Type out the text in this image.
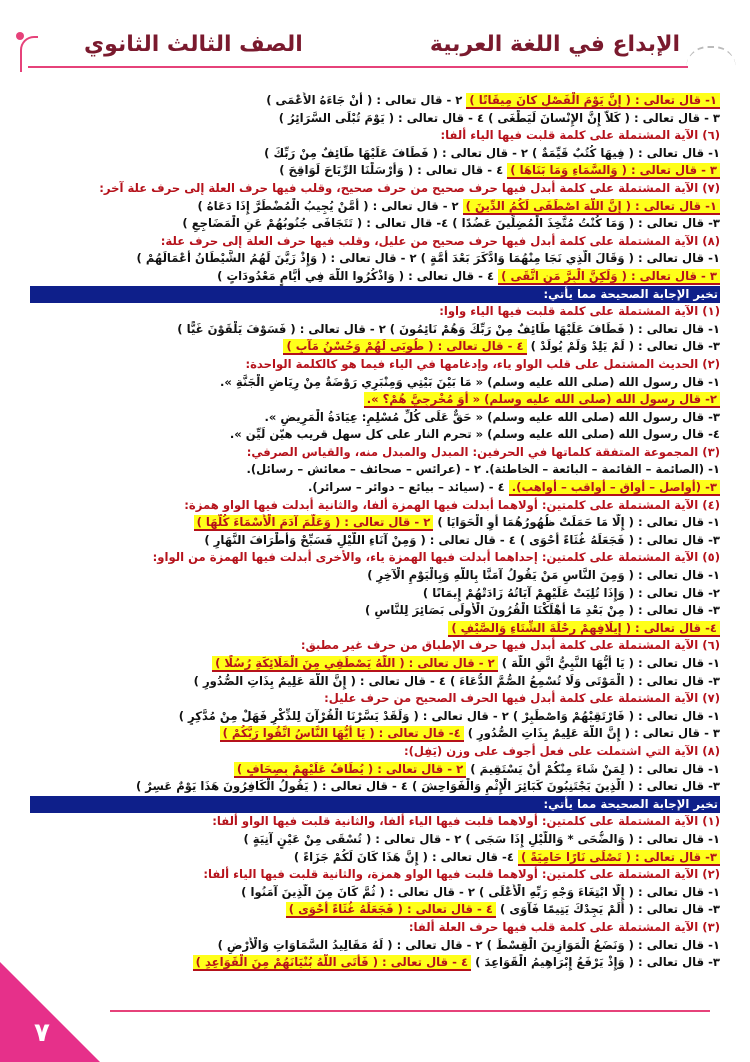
الإبداع في اللغة العربية
الصف الثالث الثانوي
١- قال تعالى : ( إنَّ يَوْمَ الْفَصْلِ كانَ مِيقَاتًا ) ٢ - قال تعالى : ( أَنْ جَاءَهُ الأَعْمَى )
٣ - قال تعالى : ( كَلاّ إِنَّ الإِنْسانَ لَيَطْغَى ) ٤ - قال تعالى : ( يَوْمَ تُبْلَى السَّرَائِرُ )
(٦) الآية المشتملة على كلمة قلبت فيها الياء ألفا:
١- قال تعالى : ( فِيهَا كُتُبٌ قَيِّمَةٌ ) ٢ - قال تعالى : ( فَطَافَ عَلَيْهَا طَائِفٌ مِنْ رَبِّكَ )
٣ - قال تعالى : ( وَالسَّمَاءِ وَمَا بَنَاهَا ) ٤ - قال تعالى : ( وَأَرْسَلْنَا الرِّيَاحَ لَوَاقِحَ )
(٧) الآية المشتملة على كلمة أبدل فيها حرف صحيح من حرف صحيح، وقلب فيها حرف العلة إلى حرف علة آخر:
١- قال تعالى : ( إِنَّ اللَّهَ اصْطَفَى لَكُمُ الدِّينَ ) ٢ - قال تعالى : ( أَمَّنْ يُجِيبُ الْمُضْطَرَّ إِذَا دَعَاهُ )
٣- قال تعالى : ( وَمَا كُنْتُ مُتَّخِذَ الْمُضِلِّينَ عَضُدًا ) ٤- قال تعالى : ( تَتَجَافَى جُنُوبُهُمْ عَنِ الْمَضَاجِعِ )
(٨) الآية المشتملة على كلمة أبدل فيها حرف صحيح من عليل، وقلب فيها حرف العلة إلى حرف علة:
١- قال تعالى : ( وَقَالَ الَّذِي نَجَا مِنْهُمَا وَادَّكَرَ بَعْدَ أُمَّةٍ ) ٢ - قال تعالى : ( وَإِذْ زَيَّنَ لَهُمُ الشَّيْطَانُ أَعْمَالَهُمْ )
٣ - قال تعالى : ( وَلَكِنَّ الْبِرَّ مَنِ اتَّقَى ) ٤ - قال تعالى : ( وَاذْكُرُوا اللَّهَ فِي أَيَّامٍ مَعْدُودَاتٍ )
تخير الإجابة الصحيحة مما يأتي:
(١) الآية المشتملة على كلمة قلبت فيها الياء واوا:
١- قال تعالى : ( فَطَافَ عَلَيْهَا طَائِفٌ مِنْ رَبِّكَ وَهُمْ نَائِمُونَ ) ٢ - قال تعالى : ( فَسَوْفَ يَلْقَوْنَ غَيًّا )
٣- قال تعالى : ( لَمْ يَلِدْ وَلَمْ يُولَدْ ) ٤ - قال تعالى : ( طُوبَى لَهُمْ وَحُسْنُ مَآبٍ )
(٢) الحديث المشتمل على قلب الواو ياء، وإدغامها في الياء فيما هو كالكلمة الواحدة:
١- قال رسول الله (صلى الله عليه وسلم) « مَا بَيْنَ بَيْتِي وَمِنْبَرِي رَوْضَةٌ مِنْ رِيَاضِ الْجَنَّةِ ».
٢- قال رسول الله (صلى الله عليه وسلم) « أَوَ مُخْرِجِيَّ هُمْ؟ ».
٣- قال رسول الله (صلى الله عليه وسلم) « حَقٌّ عَلَى كُلِّ مُسْلِمٍ: عِيَادَةُ الْمَرِيضِ ».
٤- قال رسول الله (صلى الله عليه وسلم) « تحرم النار على كل سهل قريب هيّن لَيِّن ».
(٣) المجموعة المتفقة كلماتها في الحرفين: المبدل والمبدل منه، والقياس الصرفي:
١- (الصائمة – القائمة – البائعة – الخاطئة). ٢ - (عرائس – صحائف – معائش – رسائل).
٣- (أواصل – أواق – أواقب – أواهب). ٤ - (سيائد – بيائع – دوائر – سرائر).
(٤) الآية المشتملة على كلمتين: أولاهما أبدلت فيها الهمزة ألفا، والثانية أبدلت فيها الواو همزة:
١- قال تعالى : ( إِلَّا مَا حَمَلَتْ ظُهُورُهُمَا أَوِ الْحَوَايَا ) ٢ - قال تعالى : ( وَعَلَّمَ آدَمَ الْأَسْمَاءَ كُلَّهَا )
٣- قال تعالى : ( فَجَعَلَهُ غُثَاءً أَحْوَى ) ٤ - قال تعالى : ( وَمِنْ آنَاءِ اللَّيْلِ فَسَبِّحْ وَأَطْرَافَ النَّهَارِ )
(٥) الآية المشتملة على كلمتين: إحداهما أبدلت فيها الهمزة ياء، والأخرى أبدلت فيها الهمزة من الواو:
١- قال تعالى : ( وَمِنَ النَّاسِ مَنْ يَقُولُ آمَنَّا بِاللَّهِ وَبِالْيَوْمِ الْآخِرِ )
٢- قال تعالى : ( وَإِذَا تُلِيَتْ عَلَيْهِمْ آيَاتُهُ زَادَتْهُمْ إِيمَانًا )
٣- قال تعالى : ( مِنْ بَعْدِ مَا أَهْلَكْنَا الْقُرُونَ الْأُولَى بَصَائِرَ لِلنَّاسِ )
٤- قال تعالى : ( إِيلَافِهِمْ رِحْلَةَ الشِّتَاءِ وَالصَّيْفِ )
(٦) الآية المشتملة على كلمة أبدل فيها حرف الإطباق من حرف غير مطبق:
١- قال تعالى : ( يَا أَيُّهَا النَّبِيُّ اتَّقِ اللَّهَ ) ٢ - قال تعالى : ( اللَّهُ يَصْطَفِي مِنَ الْمَلَائِكَةِ رُسُلًا )
٣- قال تعالى : ( الْمَوْتَى وَلَا تُسْمِعُ الصُّمَّ الدُّعَاءَ ) ٤ - قال تعالى : ( إِنَّ اللَّهَ عَلِيمٌ بِذَاتِ الصُّدُورِ )
(٧) الآية المشتملة على كلمة أبدل فيها الحرف الصحيح من حرف عليل:
١- قال تعالى : ( فَارْتَقِبْهُمْ وَاصْطَبِرْ ) ٢ - قال تعالى : ( وَلَقَدْ يَسَّرْنَا الْقُرْآنَ لِلذِّكْرِ فَهَلْ مِنْ مُدَّكِرٍ )
٣ - قال تعالى : ( إِنَّ اللَّهَ عَلِيمٌ بِذَاتِ الصُّدُورِ ) ٤- قال تعالى : ( يَا أَيُّهَا النَّاسُ اتَّقُوا رَبَّكُمْ )
(٨) الآية التي اشتملت على فعل أجوف على وزن (يَفِل):
١- قال تعالى : ( لِمَنْ شَاءَ مِنْكُمْ أَنْ يَسْتَقِيمَ ) ٢ - قال تعالى : ( يُطَافُ عَلَيْهِمْ بِصِحَافٍ )
٣- قال تعالى : ( الَّذِينَ يَجْتَنِبُونَ كَبَائِرَ الْإِثْمِ وَالْفَوَاحِشَ ) ٤ - قال تعالى : ( يَقُولُ الْكَافِرُونَ هَذَا يَوْمٌ عَسِرٌ )
تخير الإجابة الصحيحة مما يأتي:
(١) الآية المشتملة على كلمتين: أولاهما قلبت فيها الياء ألفا، والثانية قلبت فيها الواو ألفا:
١- قال تعالى : ( وَالضُّحَى * وَاللَّيْلِ إِذَا سَجَى ) ٢ - قال تعالى : ( تُسْقَى مِنْ عَيْنٍ آنِيَةٍ )
٣- قال تعالى : ( تَصْلَى نَارًا حَامِيَةً ) ٤- قال تعالى : ( إِنَّ هَذَا كَانَ لَكُمْ جَزَاءً )
(٢) الآية المشتملة على كلمتين: أولاهما قلبت فيها الواو همزة، والثانية قلبت فيها الياء ألفا:
١- قال تعالى : ( إِلَّا ابْتِغَاءَ وَجْهِ رَبِّهِ الْأَعْلَى ) ٢ - قال تعالى : ( ثُمَّ كَانَ مِنَ الَّذِينَ آمَنُوا )
٣- قال تعالى : ( أَلَمْ يَجِدْكَ يَتِيمًا فَآوَى ) ٤ - قال تعالى : ( فَجَعَلَهُ غُثَاءً أَحْوَى )
(٣) الآية المشتملة على كلمة قلب فيها حرف العلة ألفا:
١- قال تعالى : ( وَنَضَعُ الْمَوَازِينَ الْقِسْطَ ) ٢ - قال تعالى : ( لَهُ مَقَالِيدُ السَّمَاوَاتِ وَالْأَرْضِ )
٣- قال تعالى : ( وَإِذْ يَرْفَعُ إِبْرَاهِيمُ الْقَوَاعِدَ ) ٤ - قال تعالى : ( فَأَتَى اللَّهُ بُنْيَانَهُمْ مِنَ الْقَوَاعِدِ )
٧
